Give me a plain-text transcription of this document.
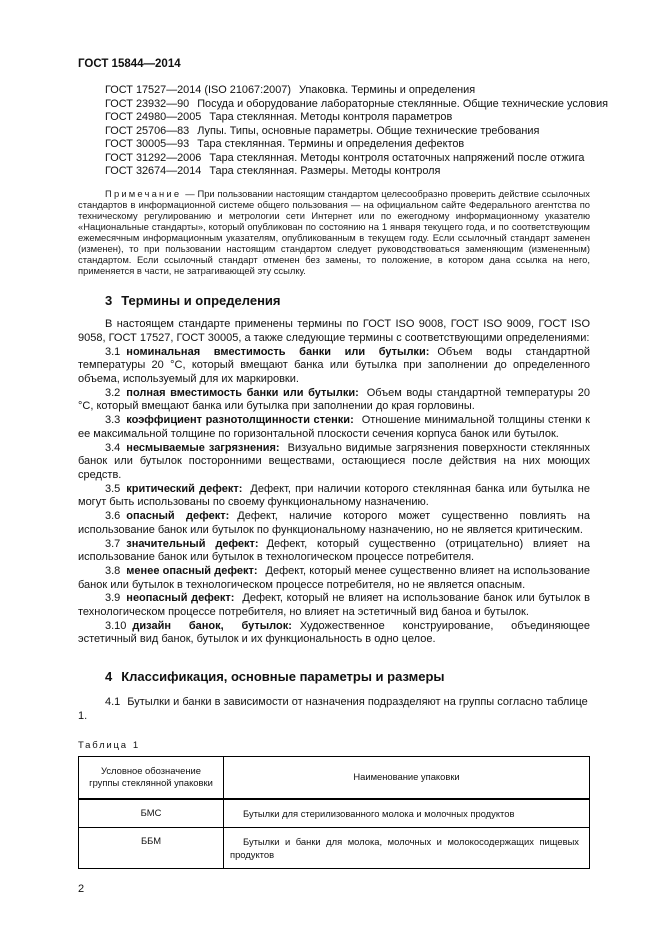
ГОСТ 15844—2014

ГОСТ 17527—2014 (ISO 21067:2007) Упаковка. Термины и определения

ГОСТ 23932—90 Посуда и оборудование лабораторные стеклянные. Общие технические условия

ГОСТ 24980—2005 Тара стеклянная. Методы контроля параметров

ГОСТ 25706—83 Лупы. Типы, основные параметры. Общие технические требования

ГОСТ 30005—93 Тара стеклянная. Термины и определения дефектов

ГОСТ 31292—2006 Тара стеклянная. Методы контроля остаточных напряжений после отжига

ГОСТ 32674—2014 Тара стеклянная. Размеры. Методы контроля

Примечание — При пользовании настоящим стандартом целесообразно проверить действие ссылочных стандартов в информационной системе общего пользования — на официальном сайте Федерального агентства по техническому регулированию и метрологии сети Интернет или по ежегодному информационному указателю «Национальные стандарты», который опубликован по состоянию на 1 января текущего года, и по соответствующим ежемесячным информационным указателям, опубликованным в текущем году. Если ссылочный стандарт заменен (изменен), то при пользовании настоящим стандартом следует руководствоваться заменяющим (измененным) стандартом. Если ссылочный стандарт отменен без замены, то положение, в котором дана ссылка на него, применяется в части, не затрагивающей эту ссылку.

3 Термины и определения

В настоящем стандарте применены термины по ГОСТ ISO 9008, ГОСТ ISO 9009, ГОСТ ISO 9058, ГОСТ 17527, ГОСТ 30005, а также следующие термины с соответствующими определениями:

3.1 номинальная вместимость банки или бутылки: Объем воды стандартной температуры 20 °С, который вмещают банка или бутылка при заполнении до определенного объема, используемый для их маркировки.

3.2 полная вместимость банки или бутылки: Объем воды стандартной температуры 20 °С, который вмещают банка или бутылка при заполнении до края горловины.

3.3 коэффициент разнотолщинности стенки: Отношение минимальной толщины стенки к ее максимальной толщине по горизонтальной плоскости сечения корпуса банок или бутылок.

3.4 несмываемые загрязнения: Визуально видимые загрязнения поверхности стеклянных банок или бутылок посторонними веществами, остающиеся после действия на них моющих средств.

3.5 критический дефект: Дефект, при наличии которого стеклянная банка или бутылка не могут быть использованы по своему функциональному назначению.

3.6 опасный дефект: Дефект, наличие которого может существенно повлиять на использование банок или бутылок по функциональному назначению, но не является критическим.

3.7 значительный дефект: Дефект, который существенно (отрицательно) влияет на использование банок или бутылок в технологическом процессе потребителя.

3.8 менее опасный дефект: Дефект, который менее существенно влияет на использование банок или бутылок в технологическом процессе потребителя, но не является опасным.

3.9 неопасный дефект: Дефект, который не влияет на использование банок или бутылок в технологическом процессе потребителя, но влияет на эстетичный вид баноа и бутылок.

3.10 дизайн банок, бутылок: Художественное конструирование, объединяющее эстетичный вид банок, бутылок и их функциональность в одно целое.

4 Классификация, основные параметры и размеры

4.1 Бутылки и банки в зависимости от назначения подразделяют на группы согласно таблице 1.

Таблица 1

Условное обозначение группы стеклянной упаковки	Наименование упаковки
БМС	Бутылки для стерилизованного молока и молочных продуктов
ББМ	Бутылки и банки для молока, молочных и молокосодержащих пищевых продуктов

2
